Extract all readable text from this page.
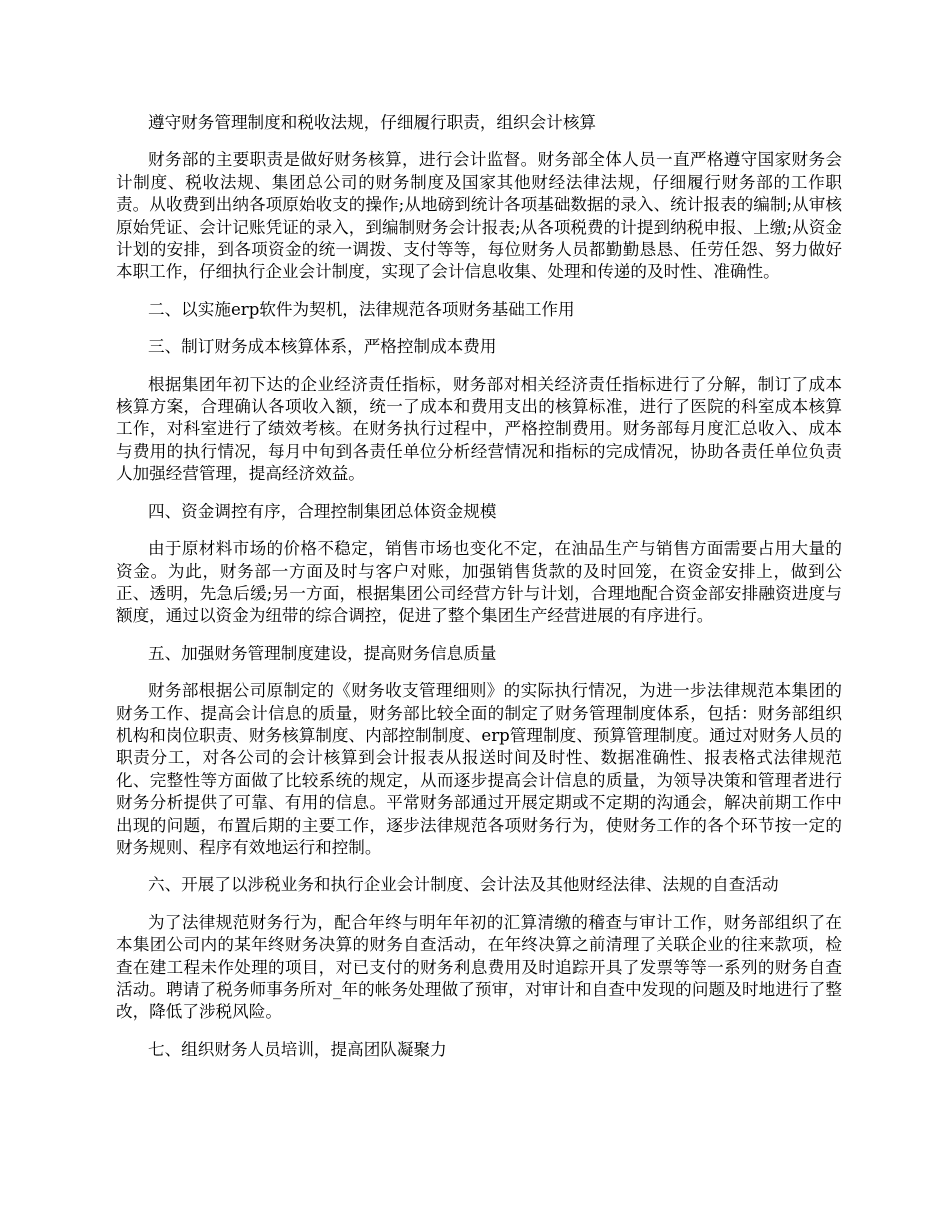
遵守财务管理制度和税收法规，仔细履行职责，组织会计核算

财务部的主要职责是做好财务核算，进行会计监督。财务部全体人员一直严格遵守国家财务会计制度、税收法规、集团总公司的财务制度及国家其他财经法律法规，仔细履行财务部的工作职责。从收费到出纳各项原始收支的操作;从地磅到统计各项基础数据的录入、统计报表的编制;从审核原始凭证、会计记账凭证的录入，到编制财务会计报表;从各项税费的计提到纳税申报、上缴;从资金计划的安排，到各项资金的统一调拨、支付等等，每位财务人员都勤勤恳恳、任劳任怨、努力做好本职工作，仔细执行企业会计制度，实现了会计信息收集、处理和传递的及时性、准确性。

二、以实施erp软件为契机，法律规范各项财务基础工作用

三、制订财务成本核算体系，严格控制成本费用

根据集团年初下达的企业经济责任指标，财务部对相关经济责任指标进行了分解，制订了成本核算方案，合理确认各项收入额，统一了成本和费用支出的核算标准，进行了医院的科室成本核算工作，对科室进行了绩效考核。在财务执行过程中，严格控制费用。财务部每月度汇总收入、成本与费用的执行情况，每月中旬到各责任单位分析经营情况和指标的完成情况，协助各责任单位负责人加强经营管理，提高经济效益。

四、资金调控有序，合理控制集团总体资金规模

由于原材料市场的价格不稳定，销售市场也变化不定，在油品生产与销售方面需要占用大量的资金。为此，财务部一方面及时与客户对账，加强销售货款的及时回笼，在资金安排上，做到公正、透明，先急后缓;另一方面，根据集团公司经营方针与计划，合理地配合资金部安排融资进度与额度，通过以资金为纽带的综合调控，促进了整个集团生产经营进展的有序进行。

五、加强财务管理制度建设，提高财务信息质量

财务部根据公司原制定的《财务收支管理细则》的实际执行情况，为进一步法律规范本集团的财务工作、提高会计信息的质量，财务部比较全面的制定了财务管理制度体系，包括：财务部组织机构和岗位职责、财务核算制度、内部控制制度、erp管理制度、预算管理制度。通过对财务人员的职责分工，对各公司的会计核算到会计报表从报送时间及时性、数据准确性、报表格式法律规范化、完整性等方面做了比较系统的规定，从而逐步提高会计信息的质量，为领导决策和管理者进行财务分析提供了可靠、有用的信息。平常财务部通过开展定期或不定期的沟通会，解决前期工作中出现的问题，布置后期的主要工作，逐步法律规范各项财务行为，使财务工作的各个环节按一定的财务规则、程序有效地运行和控制。

六、开展了以涉税业务和执行企业会计制度、会计法及其他财经法律、法规的自查活动

为了法律规范财务行为，配合年终与明年年初的汇算清缴的稽查与审计工作，财务部组织了在本集团公司内的某年终财务决算的财务自查活动，在年终决算之前清理了关联企业的往来款项，检查在建工程未作处理的项目，对已支付的财务利息费用及时追踪开具了发票等等一系列的财务自查活动。聘请了税务师事务所对_年的帐务处理做了预审，对审计和自查中发现的问题及时地进行了整改，降低了涉税风险。

七、组织财务人员培训，提高团队凝聚力
